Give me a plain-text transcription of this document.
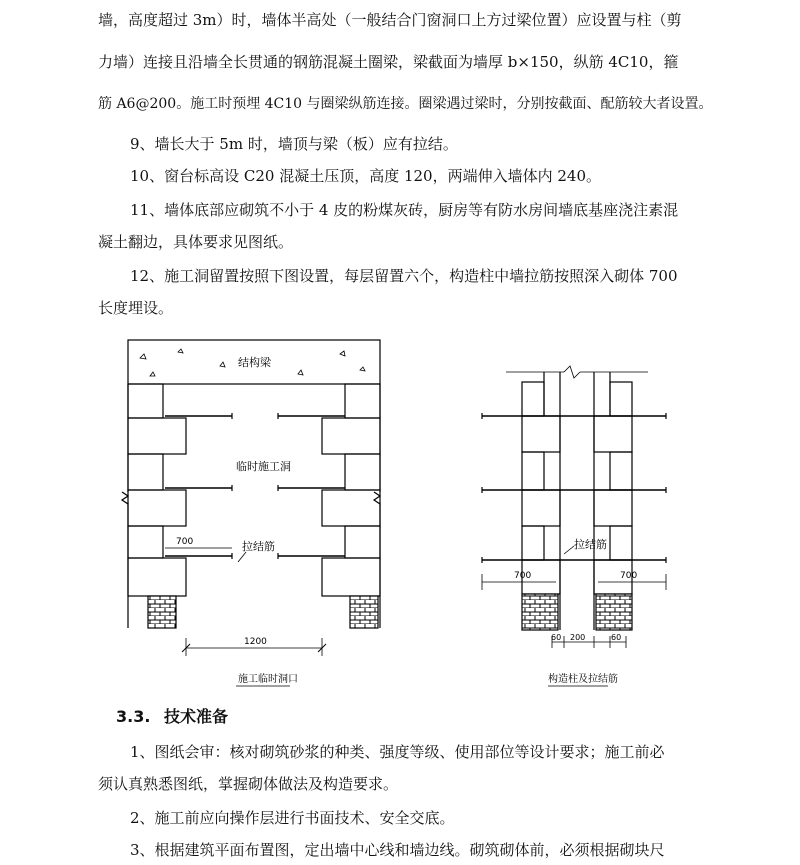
墙，高度超过 3m）时，墙体半高处（一般结合门窗洞口上方过梁位置）应设置与柱（剪
力墙）连接且沿墙全长贯通的钢筋混凝土圈梁，梁截面为墙厚 b×150，纵筋 4C10，箍
筋 A6@200。施工时预埋 4C10 与圈梁纵筋连接。圈梁遇过梁时，分别按截面、配筋较大者设置。
9、墙长大于 5m 时，墙顶与梁（板）应有拉结。
10、窗台标高设 C20 混凝土压顶，高度 120，两端伸入墙体内 240。
11、墙体底部应砌筑不小于 4 皮的粉煤灰砖，厨房等有防水房间墙底基座浇注素混
凝土翻边，具体要求见图纸。
12、施工洞留置按照下图设置，每层留置六个，构造柱中墙拉筋按照深入砌体 700
长度埋设。
结构梁
临时施工洞
拉结筋
700
1200
施工临时洞口
拉结筋
700	700
60 200	60
构造柱及拉结筋
3.3. 技术准备
1、图纸会审：核对砌筑砂浆的种类、强度等级、使用部位等设计要求；施工前必
须认真熟悉图纸，掌握砌体做法及构造要求。
2、施工前应向操作层进行书面技术、安全交底。
3、根据建筑平面布置图，定出墙中心线和墙边线。砌筑砌体前，必须根据砌块尺
